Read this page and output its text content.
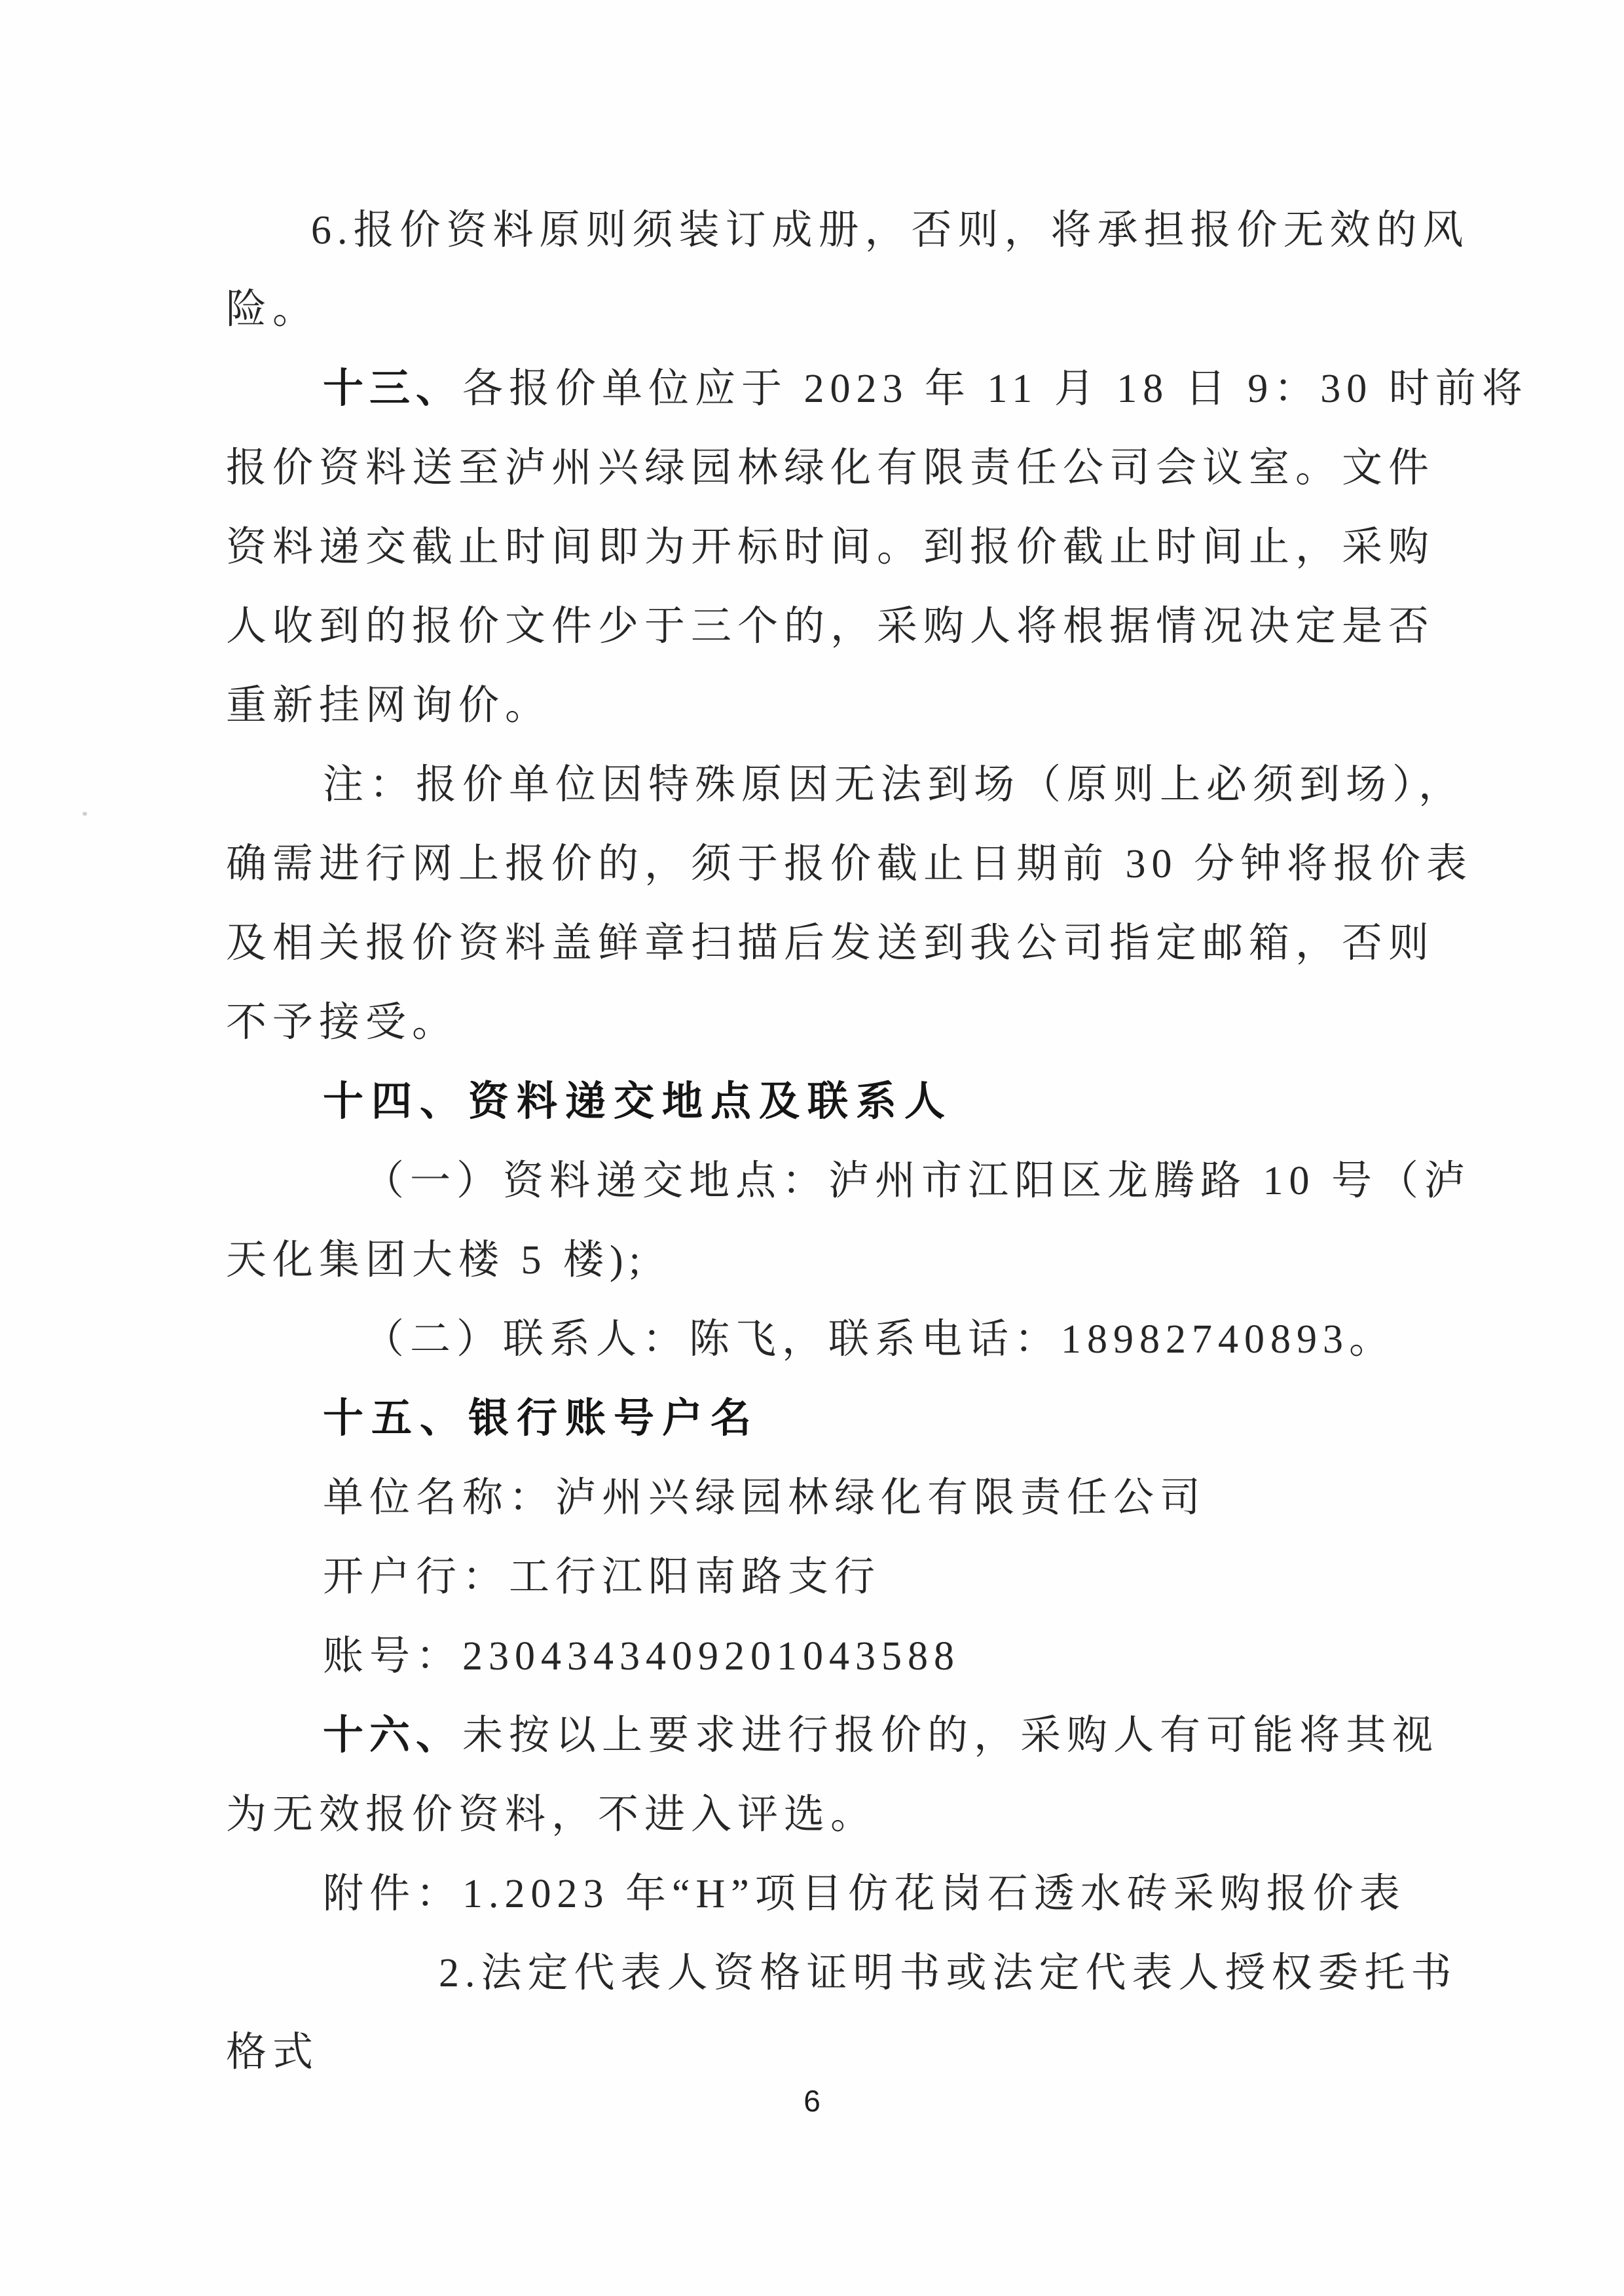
6.报价资料原则须装订成册，否则，将承担报价无效的风
险。
十三、各报价单位应于 2023 年 11 月 18 日 9：30 时前将
报价资料送至泸州兴绿园林绿化有限责任公司会议室。文件
资料递交截止时间即为开标时间。到报价截止时间止，采购
人收到的报价文件少于三个的，采购人将根据情况决定是否
重新挂网询价。
注：报价单位因特殊原因无法到场（原则上必须到场），
确需进行网上报价的，须于报价截止日期前 30 分钟将报价表
及相关报价资料盖鲜章扫描后发送到我公司指定邮箱，否则
不予接受。
十四、资料递交地点及联系人
（一）资料递交地点：泸州市江阳区龙腾路 10 号（泸
天化集团大楼 5 楼);
（二）联系人：陈飞，联系电话：18982740893。
十五、银行账号户名
单位名称：泸州兴绿园林绿化有限责任公司
开户行：工行江阳南路支行
账号：2304343409201043588
十六、未按以上要求进行报价的，采购人有可能将其视
为无效报价资料，不进入评选。
附件：1.2023 年“H”项目仿花岗石透水砖采购报价表
2.法定代表人资格证明书或法定代表人授权委托书
格式
6
